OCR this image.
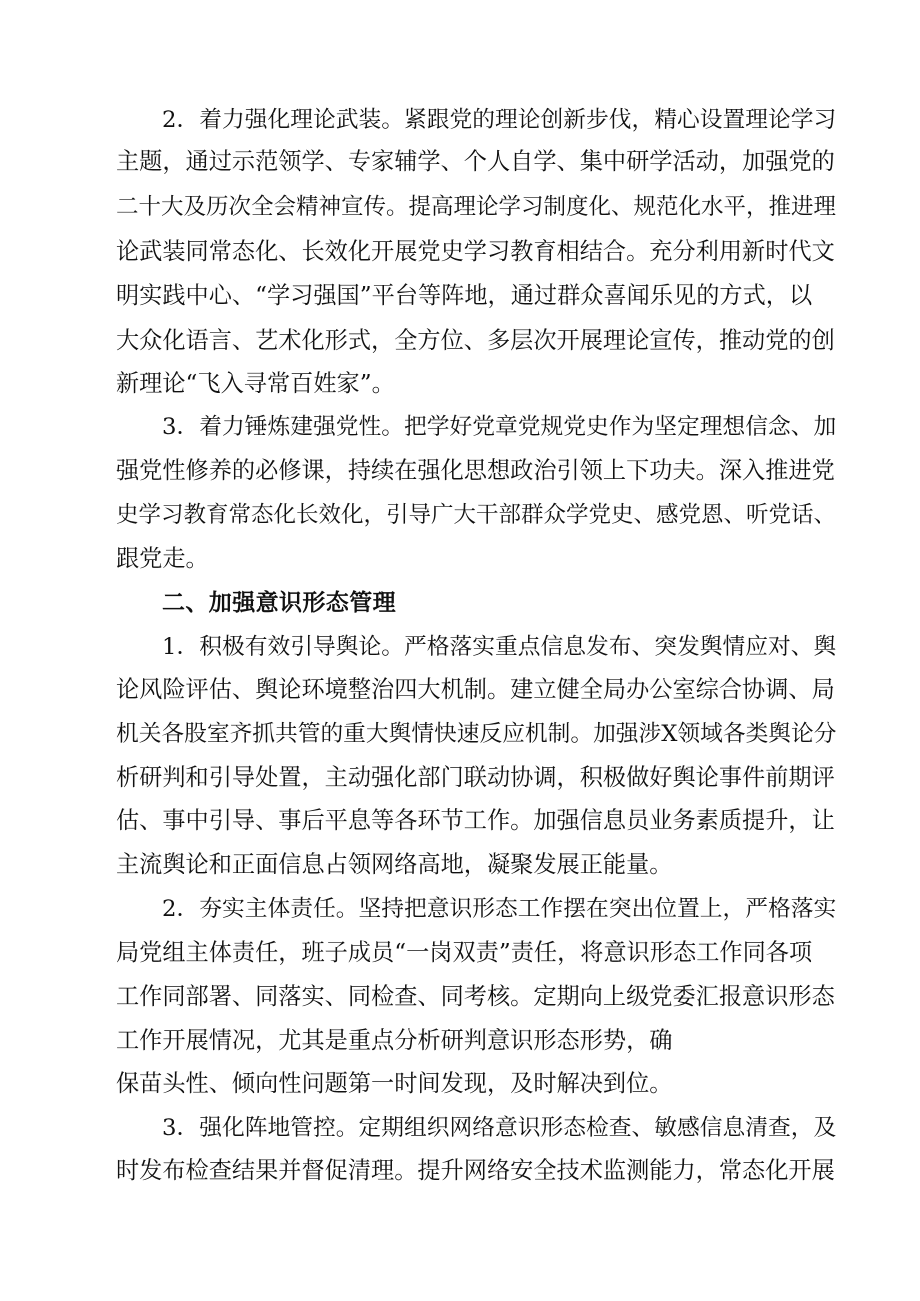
2．着力强化理论武装。紧跟党的理论创新步伐，精心设置理论学习
主题，通过示范领学、专家辅学、个人自学、集中研学活动，加强党的
二十大及历次全会精神宣传。提高理论学习制度化、规范化水平，推进理
论武装同常态化、长效化开展党史学习教育相结合。充分利用新时代文
明实践中心、“学习强国”平台等阵地，通过群众喜闻乐见的方式，以
大众化语言、艺术化形式，全方位、多层次开展理论宣传，推动党的创
新理论“飞入寻常百姓家”。
3．着力锤炼建强党性。把学好党章党规党史作为坚定理想信念、加
强党性修养的必修课，持续在强化思想政治引领上下功夫。深入推进党
史学习教育常态化长效化，引导广大干部群众学党史、感党恩、听党话、
跟党走。
二、加强意识形态管理
1．积极有效引导舆论。严格落实重点信息发布、突发舆情应对、舆
论风险评估、舆论环境整治四大机制。建立健全局办公室综合协调、局
机关各股室齐抓共管的重大舆情快速反应机制。加强涉X领域各类舆论分
析研判和引导处置，主动强化部门联动协调，积极做好舆论事件前期评
估、事中引导、事后平息等各环节工作。加强信息员业务素质提升，让
主流舆论和正面信息占领网络高地，凝聚发展正能量。
2．夯实主体责任。坚持把意识形态工作摆在突出位置上，严格落实
局党组主体责任，班子成员“一岗双责”责任，将意识形态工作同各项
工作同部署、同落实、同检查、同考核。定期向上级党委汇报意识形态
工作开展情况，尤其是重点分析研判意识形态形势，确
保苗头性、倾向性问题第一时间发现，及时解决到位。
3．强化阵地管控。定期组织网络意识形态检查、敏感信息清查，及
时发布检查结果并督促清理。提升网络安全技术监测能力，常态化开展
